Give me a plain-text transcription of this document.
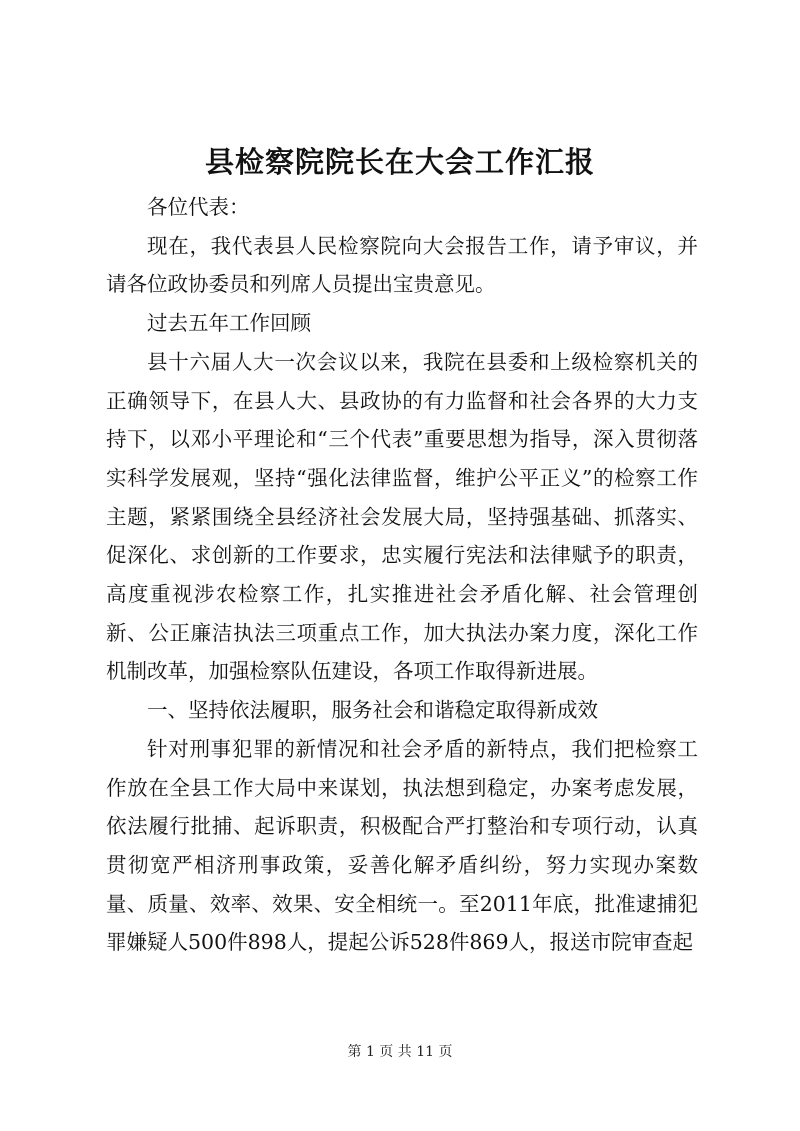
县检察院院长在大会工作汇报

各位代表：

现在，我代表县人民检察院向大会报告工作，请予审议，并请各位政协委员和列席人员提出宝贵意见。

过去五年工作回顾

县十六届人大一次会议以来，我院在县委和上级检察机关的正确领导下，在县人大、县政协的有力监督和社会各界的大力支持下，以邓小平理论和“三个代表”重要思想为指导，深入贯彻落实科学发展观，坚持“强化法律监督，维护公平正义”的检察工作主题，紧紧围绕全县经济社会发展大局，坚持强基础、抓落实、促深化、求创新的工作要求，忠实履行宪法和法律赋予的职责，高度重视涉农检察工作，扎实推进社会矛盾化解、社会管理创新、公正廉洁执法三项重点工作，加大执法办案力度，深化工作机制改革，加强检察队伍建设，各项工作取得新进展。

一、坚持依法履职，服务社会和谐稳定取得新成效

针对刑事犯罪的新情况和社会矛盾的新特点，我们把检察工作放在全县工作大局中来谋划，执法想到稳定，办案考虑发展，依法履行批捕、起诉职责，积极配合严打整治和专项行动，认真贯彻宽严相济刑事政策，妥善化解矛盾纠纷，努力实现办案数量、质量、效率、效果、安全相统一。至2011年底，批准逮捕犯罪嫌疑人500件898人，提起公诉528件869人，报送市院审查起

第 1 页 共 11 页
